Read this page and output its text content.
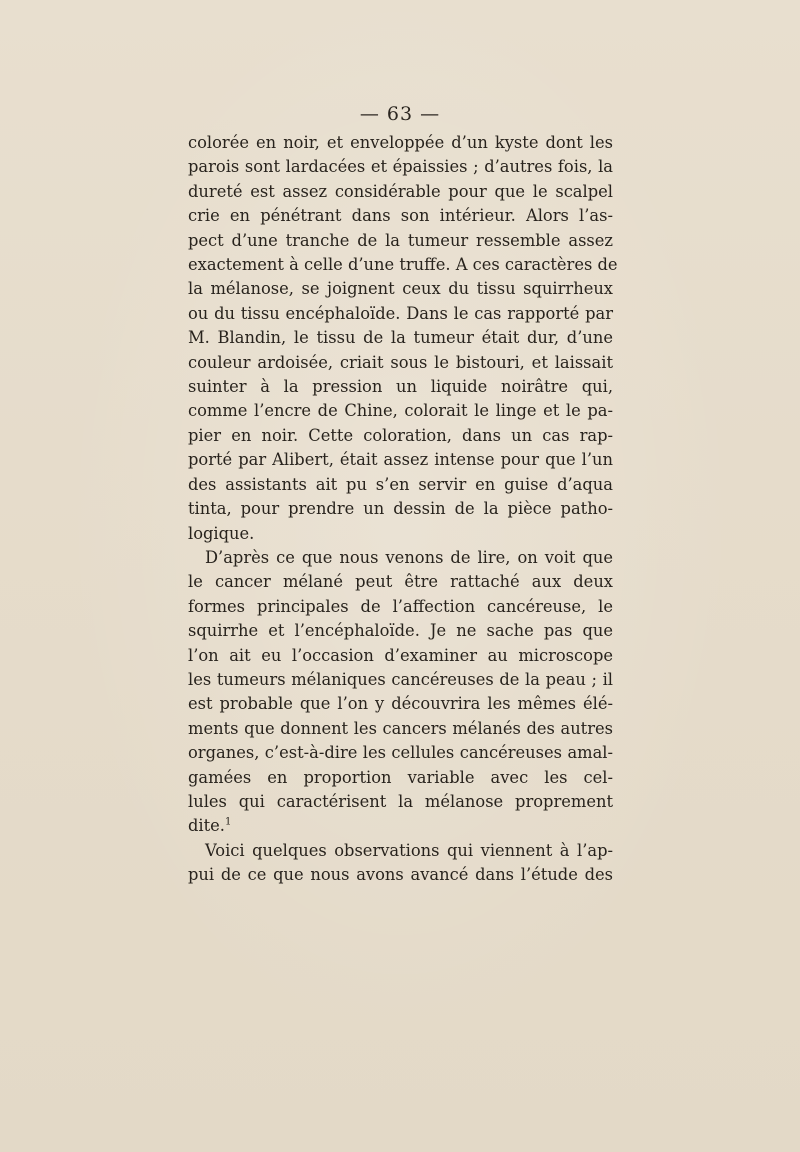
— 63 —
colorée en noir, et enveloppée d’un kyste dont les
parois sont lardacées et épaissies ; d’autres fois, la
dureté est assez considérable pour que le scalpel
crie en pénétrant dans son intérieur. Alors l’as-
pect d’une tranche de la tumeur ressemble assez
exactement à celle d’une truffe. A ces caractères de
la mélanose, se joignent ceux du tissu squirrheux
ou du tissu encéphaloïde. Dans le cas rapporté par
M. Blandin, le tissu de la tumeur était dur, d’une
couleur ardoisée, criait sous le bistouri, et laissait
suinter à la pression un liquide noirâtre qui,
comme l’encre de Chine, colorait le linge et le pa-
pier en noir. Cette coloration, dans un cas rap-
porté par Alibert, était assez intense pour que l’un
des assistants ait pu s’en servir en guise d’aqua
tinta, pour prendre un dessin de la pièce patho-
logique.
D’après ce que nous venons de lire, on voit que
le cancer mélané peut être rattaché aux deux
formes principales de l’affection cancéreuse, le
squirrhe et l’encéphaloïde. Je ne sache pas que
l’on ait eu l’occasion d’examiner au microscope
les tumeurs mélaniques cancéreuses de la peau ; il
est probable que l’on y découvrira les mêmes élé-
ments que donnent les cancers mélanés des autres
organes, c’est-à-dire les cellules cancéreuses amal-
gamées en proportion variable avec les cel-
lules qui caractérisent la mélanose proprement
dite.$^1$
Voici quelques observations qui viennent à l’ap-
pui de ce que nous avons avancé dans l’étude des
